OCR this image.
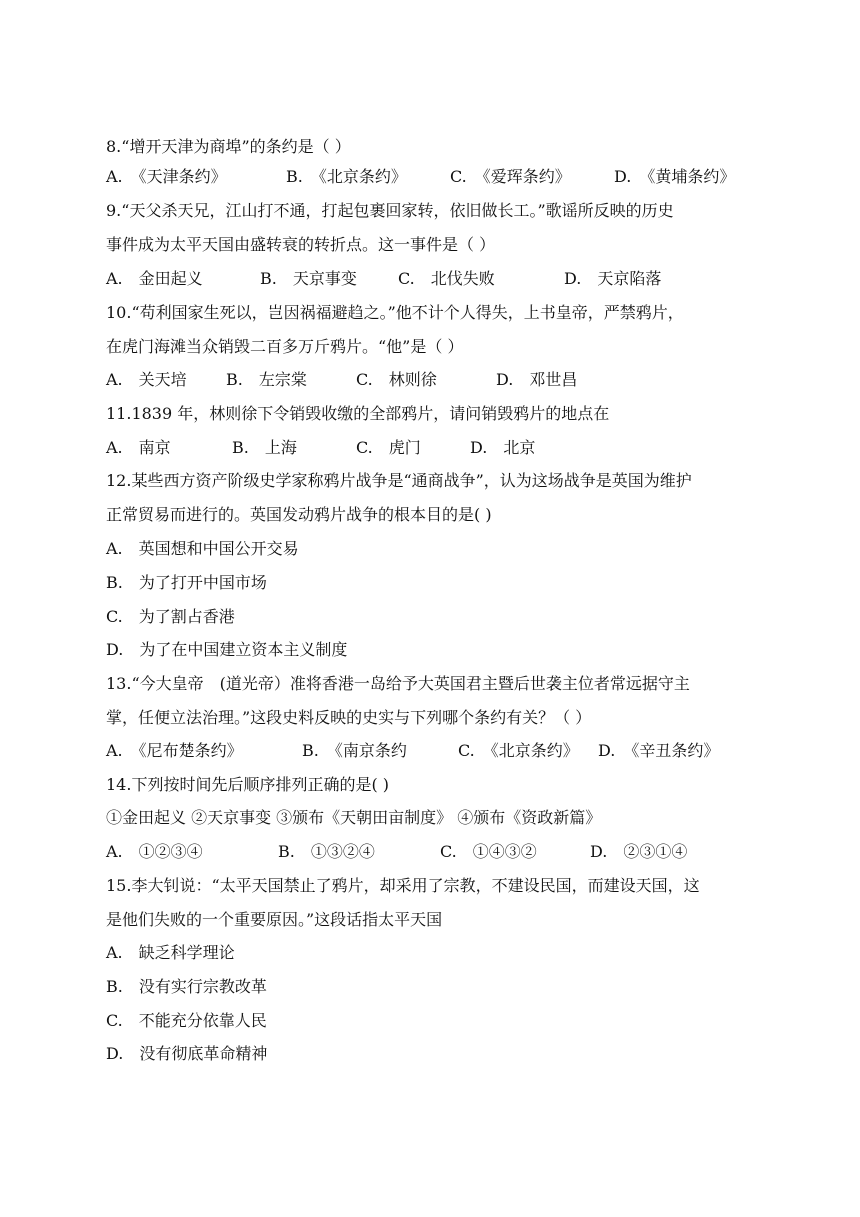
8.“增开天津为商埠”的条约是（ ）
A.　《天津条约》	B.　《北京条约》	C.　《爱珲条约》	D.　《黄埔条约》
9.“天父杀天兄，江山打不通，打起包裹回家转，依旧做长工。”歌谣所反映的历史
事件成为太平天国由盛转衰的转折点。这一事件是（ ）
A.　金田起义	B.　天京事变	C.　北伐失败	D.　天京陷落
10.“苟利国家生死以，岂因祸福避趋之。”他不计个人得失，上书皇帝，严禁鸦片，
在虎门海滩当众销毁二百多万斤鸦片。“他”是（ ）
A.　关天培 B.　左宗棠	C.　林则徐	D.　邓世昌
11.1839 年，林则徐下令销毁收缴的全部鸦片，请问销毁鸦片的地点在
A.　南京	B.　上海	C.　虎门	D.　北京
12.某些西方资产阶级史学家称鸦片战争是“通商战争”，认为这场战争是英国为维护
正常贸易而进行的。英国发动鸦片战争的根本目的是( )
A.　英国想和中国公开交易
B.　为了打开中国市场
C.　为了割占香港
D.　为了在中国建立资本主义制度
13.“今大皇帝　(道光帝）准将香港一岛给予大英国君主暨后世袭主位者常远据守主
掌，任便立法治理。”这段史料反映的史实与下列哪个条约有关？（ ）
A.　《尼布楚条约》	B.　《南京条约	C.　《北京条约》 D.　《辛丑条约》
14.下列按时间先后顺序排列正确的是( )
①金田起义 ②天京事变 ③颁布《天朝田亩制度》 ④颁布《资政新篇》
A.　①②③④	B.　①③②④	C.　①④③②	D.　②③①④
15.李大钊说：“太平天国禁止了鸦片，却采用了宗教，不建设民国，而建设天国，这
是他们失败的一个重要原因。”这段话指太平天国
A.　缺乏科学理论
B.　没有实行宗教改革
C.　不能充分依靠人民
D.　没有彻底革命精神
